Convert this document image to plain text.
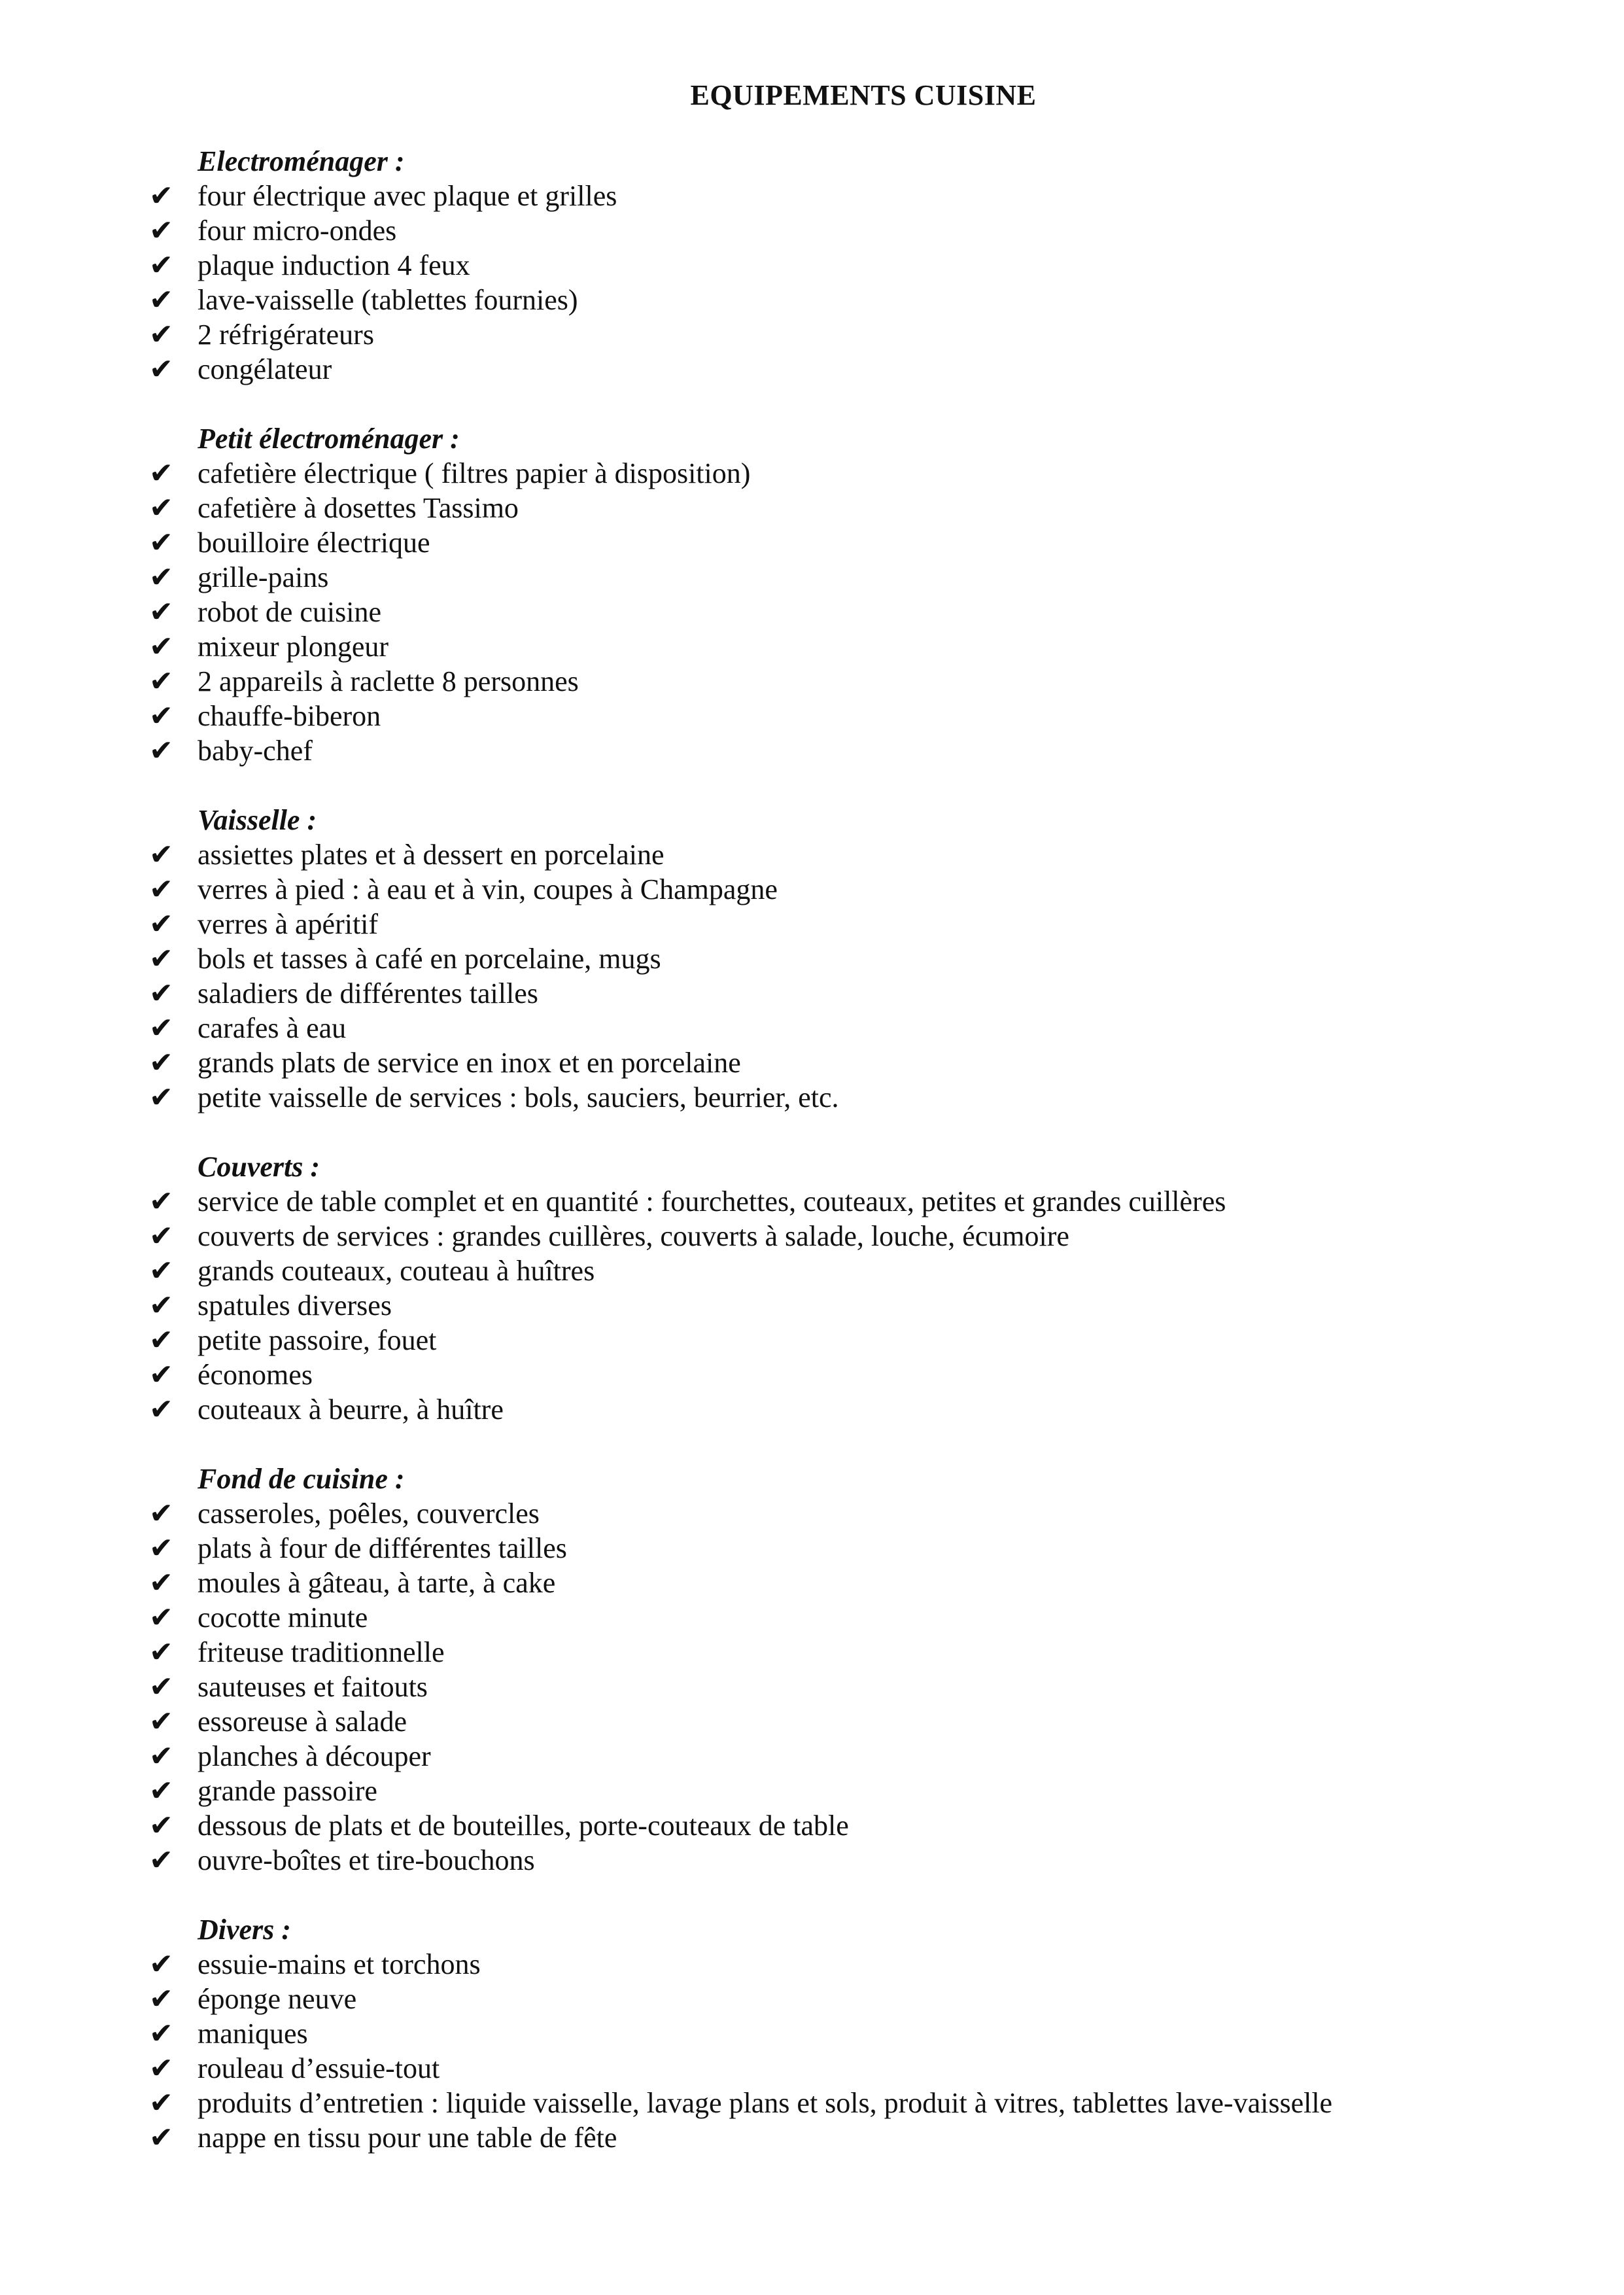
EQUIPEMENTS CUISINE
Electroménager :
✔ four électrique avec plaque et grilles
✔ four micro-ondes
✔ plaque induction 4 feux
✔ lave-vaisselle (tablettes fournies)
✔ 2 réfrigérateurs
✔ congélateur
Petit électroménager :
✔ cafetière électrique ( filtres papier à disposition)
✔ cafetière à dosettes Tassimo
✔ bouilloire électrique
✔ grille-pains
✔ robot de cuisine
✔ mixeur plongeur
✔ 2 appareils à raclette 8 personnes
✔ chauffe-biberon
✔ baby-chef
Vaisselle :
✔ assiettes plates et à dessert en porcelaine
✔ verres à pied : à eau et à vin, coupes à Champagne
✔ verres à apéritif
✔ bols et tasses à café en porcelaine, mugs
✔ saladiers de différentes tailles
✔ carafes à eau
✔ grands plats de service en inox et en porcelaine
✔ petite vaisselle de services : bols, sauciers, beurrier, etc.
Couverts :
✔ service de table complet et en quantité : fourchettes, couteaux, petites et grandes cuillères
✔ couverts de services : grandes cuillères, couverts à salade, louche, écumoire
✔ grands couteaux, couteau à huîtres
✔ spatules diverses
✔ petite passoire, fouet
✔ économes
✔ couteaux à beurre, à huître
Fond de cuisine :
✔ casseroles, poêles, couvercles
✔ plats à four de différentes tailles
✔ moules à gâteau, à tarte, à cake
✔ cocotte minute
✔ friteuse traditionnelle
✔ sauteuses et faitouts
✔ essoreuse à salade
✔ planches à découper
✔ grande passoire
✔ dessous de plats et de bouteilles, porte-couteaux de table
✔ ouvre-boîtes et tire-bouchons
Divers :
✔ essuie-mains et torchons
✔ éponge neuve
✔ maniques
✔ rouleau d’essuie-tout
✔ produits d’entretien : liquide vaisselle, lavage plans et sols, produit à vitres, tablettes lave-vaisselle
✔ nappe en tissu pour une table de fête
